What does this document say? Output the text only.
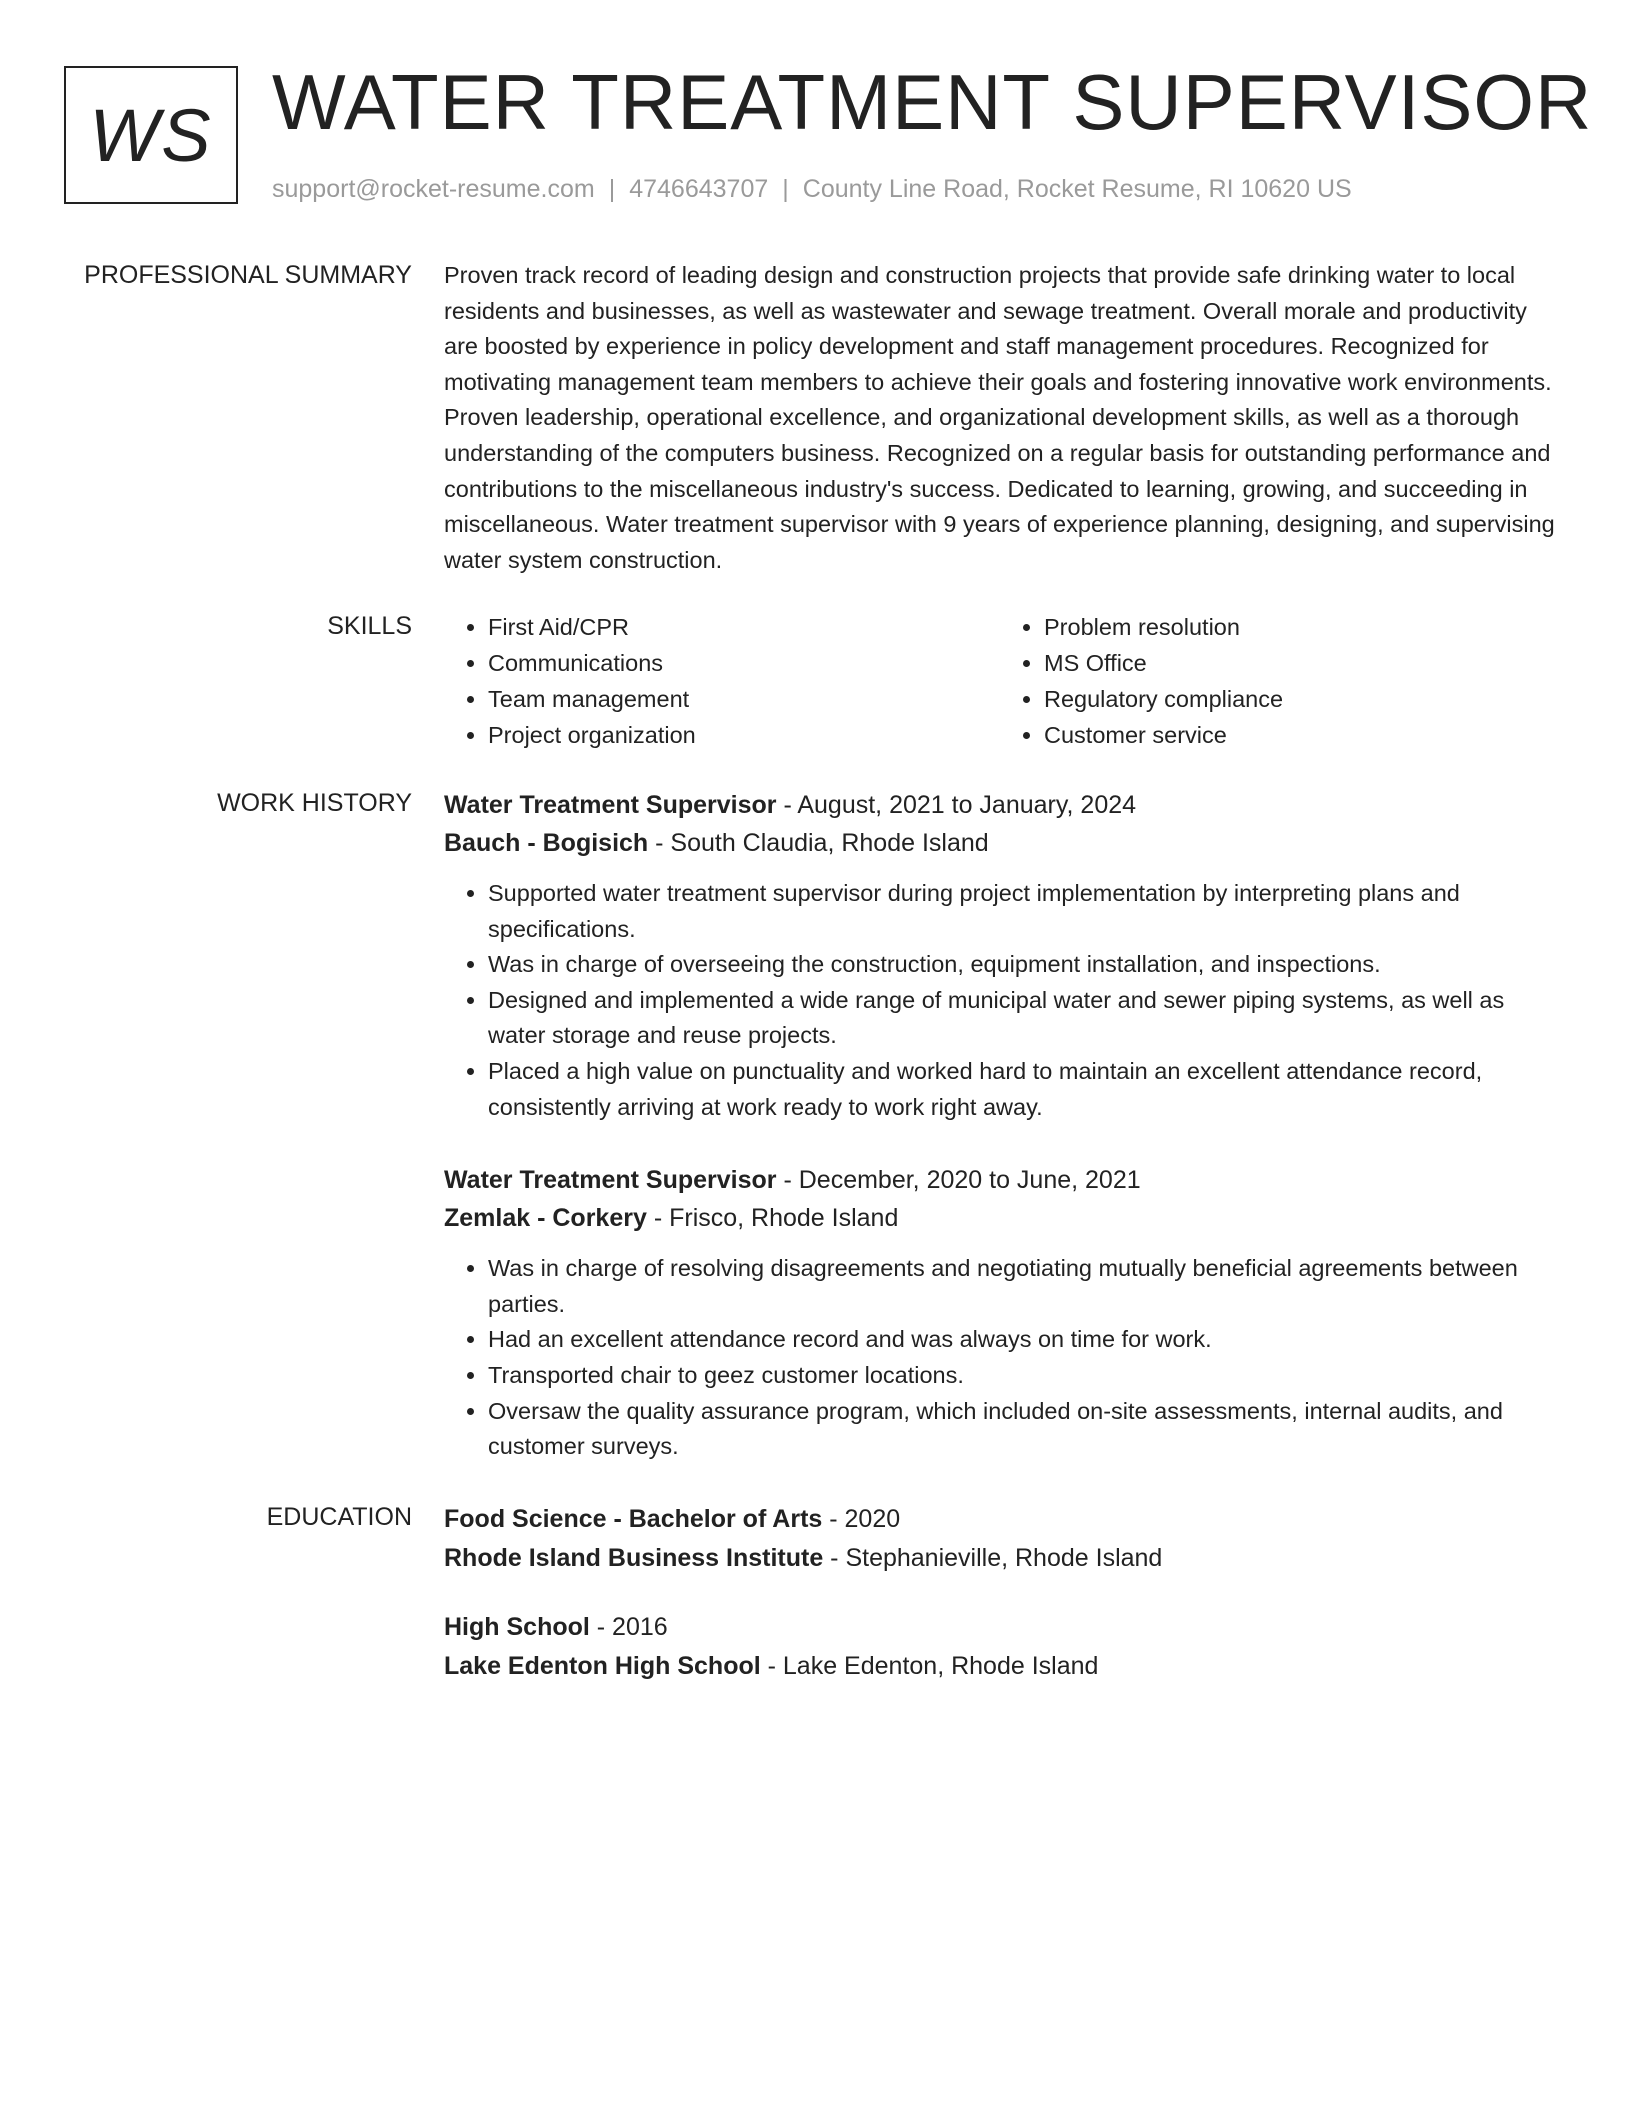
WS WATER TREATMENT SUPERVISOR
support@rocket-resume.com | 4746643707 | County Line Road, Rocket Resume, RI 10620 US
PROFESSIONAL SUMMARY Proven track record of leading design and construction projects that provide safe drinking water to local residents and businesses, as well as wastewater and sewage treatment. Overall morale and productivity are boosted by experience in policy development and staff management procedures. Recognized for motivating management team members to achieve their goals and fostering innovative work environments. Proven leadership, operational excellence, and organizational development skills, as well as a thorough understanding of the computers business. Recognized on a regular basis for outstanding performance and contributions to the miscellaneous industry's success. Dedicated to learning, growing, and succeeding in miscellaneous. Water treatment supervisor with 9 years of experience planning, designing, and supervising water system construction.

SKILLS
•	First Aid/CPR
• Communications
• Team management
• Project organization
• Problem resolution
• MS Office
• Regulatory compliance
• Customer service
WORK HISTORY Water Treatment Supervisor - August, 2021 to January, 2024
Bauch - Bogisich - South Claudia, Rhode Island
• Supported water treatment supervisor during project implementation by interpreting plans and specifications.
• Was in charge of overseeing the construction, equipment installation, and inspections.
• Designed and implemented a wide range of municipal water and sewer piping systems, as well as water storage and reuse projects.
• Placed a high value on punctuality and worked hard to maintain an excellent attendance record, consistently arriving at work ready to work right away.
Water Treatment Supervisor - December, 2020 to June, 2021
Zemlak - Corkery - Frisco, Rhode Island
• Was in charge of resolving disagreements and negotiating mutually beneficial agreements between parties.
• Had an excellent attendance record and was always on time for work.
• Transported chair to geez customer locations.
• Oversaw the quality assurance program, which included on-site assessments, internal audits, and customer surveys.
EDUCATION Food Science - Bachelor of Arts - 2020
Rhode Island Business Institute - Stephanieville, Rhode Island
High School - 2016
Lake Edenton High School - Lake Edenton, Rhode Island
